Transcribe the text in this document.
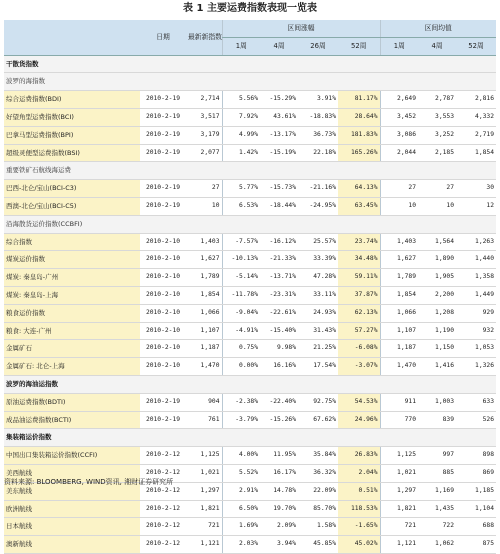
表 1 主要运费指数表现一览表
	日期	最新新指数	区间涨幅				区间均值		
			1周	4周	26周	52周	1周	4周	52周
干散货指数									
波罗的海指数									
综合运费指数(BDI)	2010-2-19	2,714	5.56%	-15.29%	3.91%	81.17%	2,649	2,787	2,816
好望角型运费指数(BCI)	2010-2-19	3,517	7.92%	43.61%	-18.83%	28.64%	3,452	3,553	4,332
巴拿马型运费指数(BPI)	2010-2-19	3,179	4.99%	-13.17%	36.73%	181.83%	3,086	3,252	2,719
超级灵便型运费指数(BSI)	2010-2-19	2,077	1.42%	-15.19%	22.18%	165.26%	2,044	2,185	1,854
重要铁矿石航线海运费									
巴西-北仑/宝山(BCI-C3)	2010-2-19	27	5.77%	-15.73%	-21.16%	64.13%	27	27	30
西澳-北仑/宝山(BCI-C5)	2010-2-19	10	6.53%	-18.44%	-24.95%	63.45%	10	10	12
沿海散货运价指数(CCBFI)									
综合指数	2010-2-10	1,403	-7.57%	-16.12%	25.57%	23.74%	1,403	1,564	1,263
煤炭运价指数	2010-2-10	1,627	-10.13%	-21.33%	33.39%	34.48%	1,627	1,890	1,440
煤炭: 秦皇岛-广州	2010-2-10	1,789	-5.14%	-13.71%	47.28%	59.11%	1,789	1,905	1,358
煤炭: 秦皇岛-上海	2010-2-10	1,854	-11.78%	-23.31%	33.11%	37.87%	1,854	2,200	1,449
粮食运价指数	2010-2-10	1,066	-9.04%	-22.61%	24.93%	62.13%	1,066	1,208	929
粮食: 大连-广州	2010-2-10	1,107	-4.91%	-15.40%	31.43%	57.27%	1,107	1,190	932
金属矿石	2010-2-10	1,187	0.75%	9.98%	21.25%	-6.08%	1,187	1,150	1,053
金属矿石: 北仑-上海	2010-2-10	1,470	0.00%	16.16%	17.54%	-3.07%	1,470	1,416	1,326
波罗的海油运指数									
原油运费指数(BDTI)	2010-2-19	904	-2.38%	-22.40%	92.75%	54.53%	911	1,003	633
成品油运费指数(BCTI)	2010-2-19	761	-3.79%	-15.26%	67.62%	24.96%	770	839	526
集装箱运价指数									
中国出口集装箱运价指数(CCFI)	2010-2-12	1,125	4.00%	11.95%	35.84%	26.83%	1,125	997	898
美西航线	2010-2-12	1,021	5.52%	16.17%	36.32%	2.04%	1,021	885	869
美东航线	2010-2-12	1,297	2.91%	14.78%	22.09%	0.51%	1,297	1,169	1,185
欧洲航线	2010-2-12	1,821	6.50%	19.70%	85.70%	118.53%	1,821	1,435	1,104
日本航线	2010-2-12	721	1.69%	2.09%	1.58%	-1.65%	721	722	688
澳新航线	2010-2-12	1,121	2.03%	3.94%	45.85%	45.02%	1,121	1,062	875
资料来源: BLOOMBERG, WIND资讯, 湘财证券研究所
